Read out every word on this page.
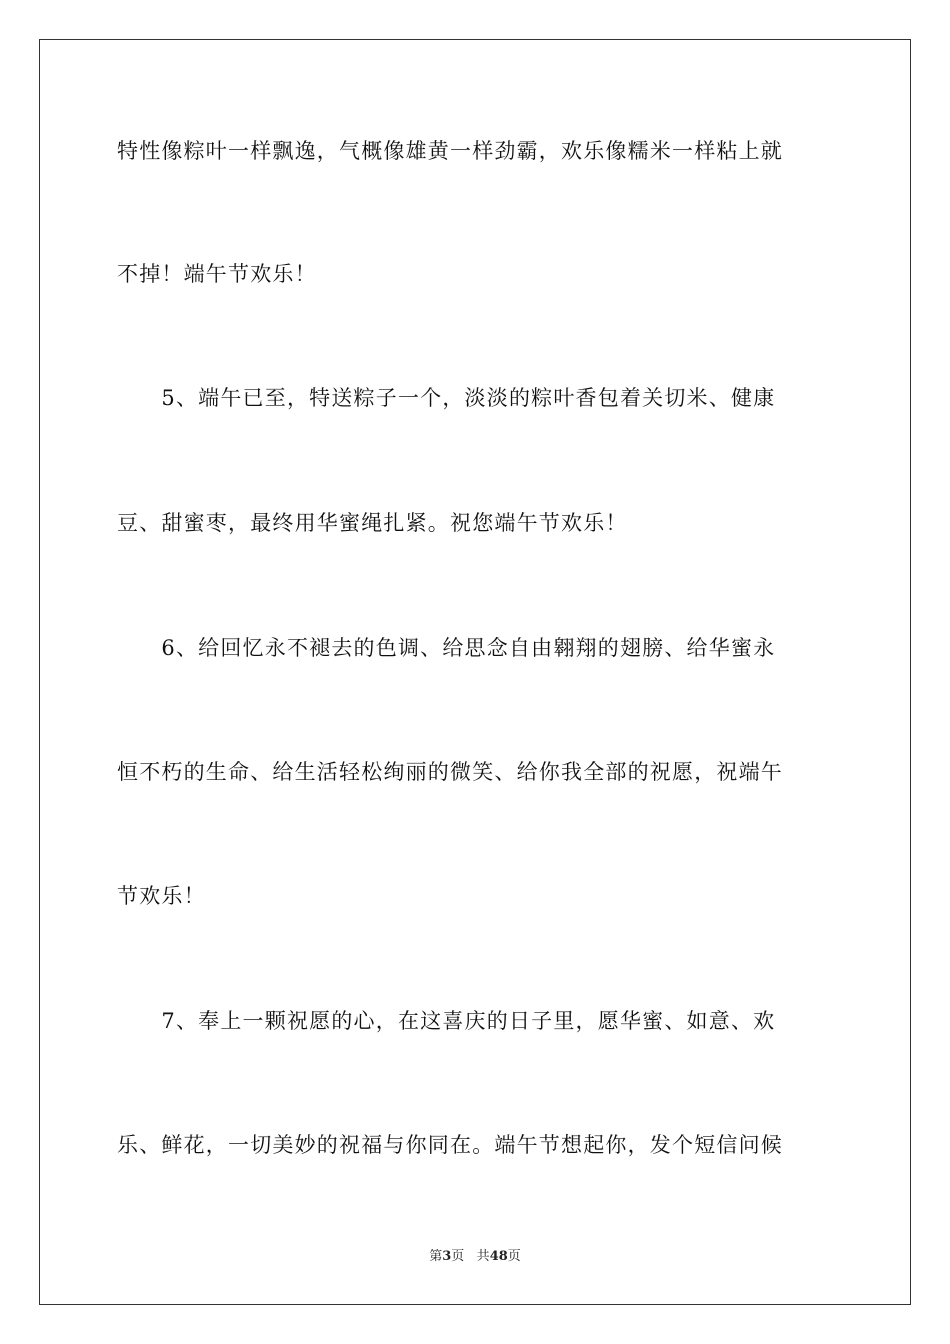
特性像粽叶一样飘逸，气概像雄黄一样劲霸，欢乐像糯米一样粘上就
不掉！端午节欢乐！
　　5、端午已至，特送粽子一个，淡淡的粽叶香包着关切米、健康
豆、甜蜜枣，最终用华蜜绳扎紧。祝您端午节欢乐！
　　6、给回忆永不褪去的色调、给思念自由翱翔的翅膀、给华蜜永
恒不朽的生命、给生活轻松绚丽的微笑、给你我全部的祝愿，祝端午
节欢乐！
　　7、奉上一颗祝愿的心，在这喜庆的日子里，愿华蜜、如意、欢
乐、鲜花，一切美妙的祝福与你同在。端午节想起你，发个短信问候
第3页 共48页
